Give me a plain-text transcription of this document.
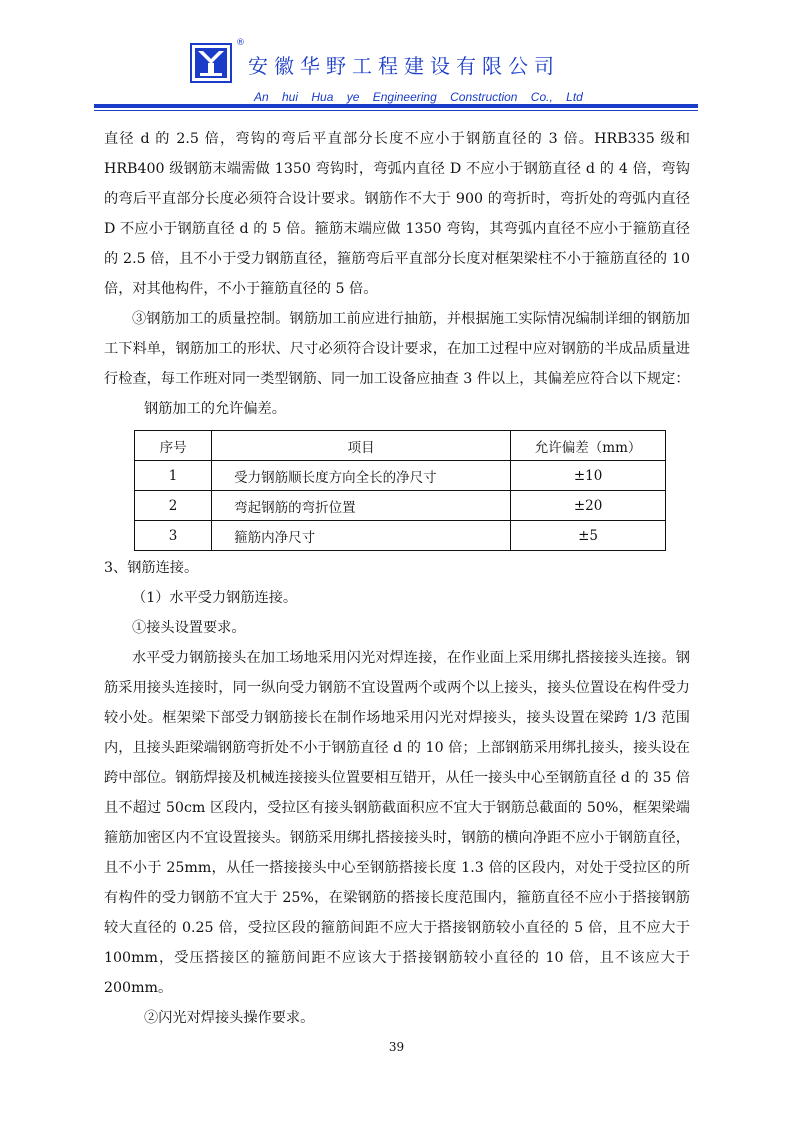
®
安徽华野工程建设有限公司
An hui Hua ye Engineering Construction Co., Ltd

直径 d 的 2.5 倍，弯钩的弯后平直部分长度不应小于钢筋直径的 3 倍。HRB335 级和 HRB400 级钢筋末端需做 1350 弯钩时，弯弧内直径 D 不应小于钢筋直径 d 的 4 倍，弯钩的弯后平直部分长度必须符合设计要求。钢筋作不大于 900 的弯折时，弯折处的弯弧内直径 D 不应小于钢筋直径 d 的 5 倍。箍筋末端应做 1350 弯钩，其弯弧内直径不应小于箍筋直径的 2.5 倍，且不小于受力钢筋直径，箍筋弯后平直部分长度对框架梁柱不小于箍筋直径的 10 倍，对其他构件，不小于箍筋直径的 5 倍。

③钢筋加工的质量控制。钢筋加工前应进行抽筋，并根据施工实际情况编制详细的钢筋加工下料单，钢筋加工的形状、尺寸必须符合设计要求，在加工过程中应对钢筋的半成品质量进行检查，每工作班对同一类型钢筋、同一加工设备应抽查 3 件以上，其偏差应符合以下规定：

钢筋加工的允许偏差。

序号	项目	允许偏差（mm）
1	受力钢筋顺长度方向全长的净尺寸	±10
2	弯起钢筋的弯折位置	±20
3	箍筋内净尺寸	±5

3、钢筋连接。

（1）水平受力钢筋连接。

①接头设置要求。

水平受力钢筋接头在加工场地采用闪光对焊连接，在作业面上采用绑扎搭接接头连接。钢筋采用接头连接时，同一纵向受力钢筋不宜设置两个或两个以上接头，接头位置设在构件受力较小处。框架梁下部受力钢筋接长在制作场地采用闪光对焊接头，接头设置在梁跨 1/3 范围内，且接头距梁端钢筋弯折处不小于钢筋直径 d 的 10 倍；上部钢筋采用绑扎接头，接头设在跨中部位。钢筋焊接及机械连接接头位置要相互错开，从任一接头中心至钢筋直径 d 的 35 倍且不超过 50cm 区段内，受拉区有接头钢筋截面积应不宜大于钢筋总截面的 50%，框架梁端箍筋加密区内不宜设置接头。钢筋采用绑扎搭接接头时，钢筋的横向净距不应小于钢筋直径，且不小于 25mm，从任一搭接接头中心至钢筋搭接长度 1.3 倍的区段内，对处于受拉区的所有构件的受力钢筋不宜大于 25%，在梁钢筋的搭接长度范围内，箍筋直径不应小于搭接钢筋较大直径的 0.25 倍，受拉区段的箍筋间距不应大于搭接钢筋较小直径的 5 倍，且不应大于 100mm，受压搭接区的箍筋间距不应该大于搭接钢筋较小直径的 10 倍，且不该应大于 200mm。

②闪光对焊接头操作要求。

39
